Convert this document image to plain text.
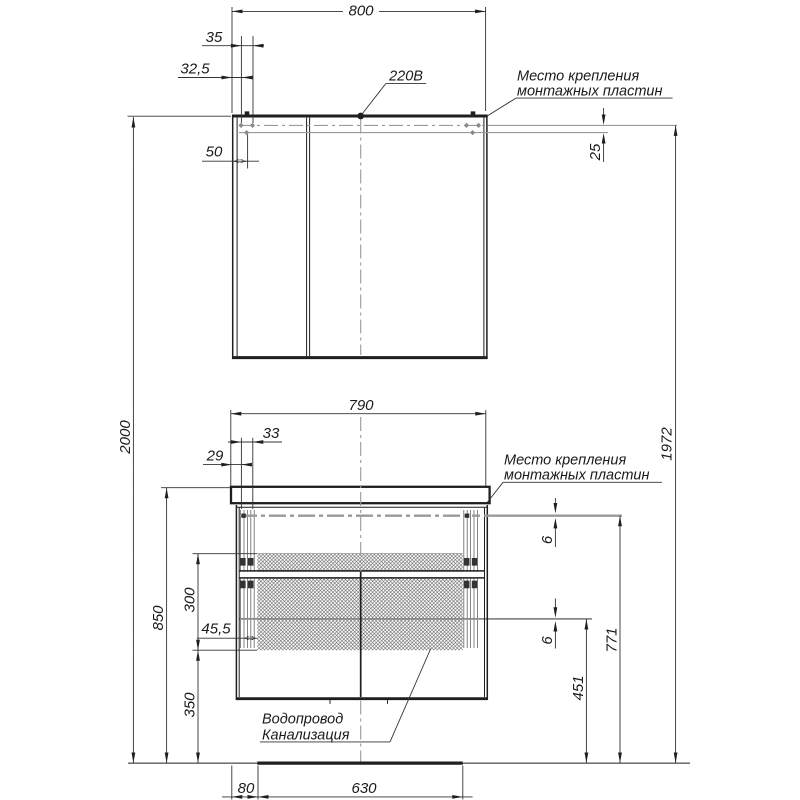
800
35
32,5
50	25
2000	1972
790
33
29
850
300
45,5
350
6
6	771
451
80	630
220В	Место крепления
монтажных пластин
Место крепления
монтажных пластин
Водопровод
Канализация
